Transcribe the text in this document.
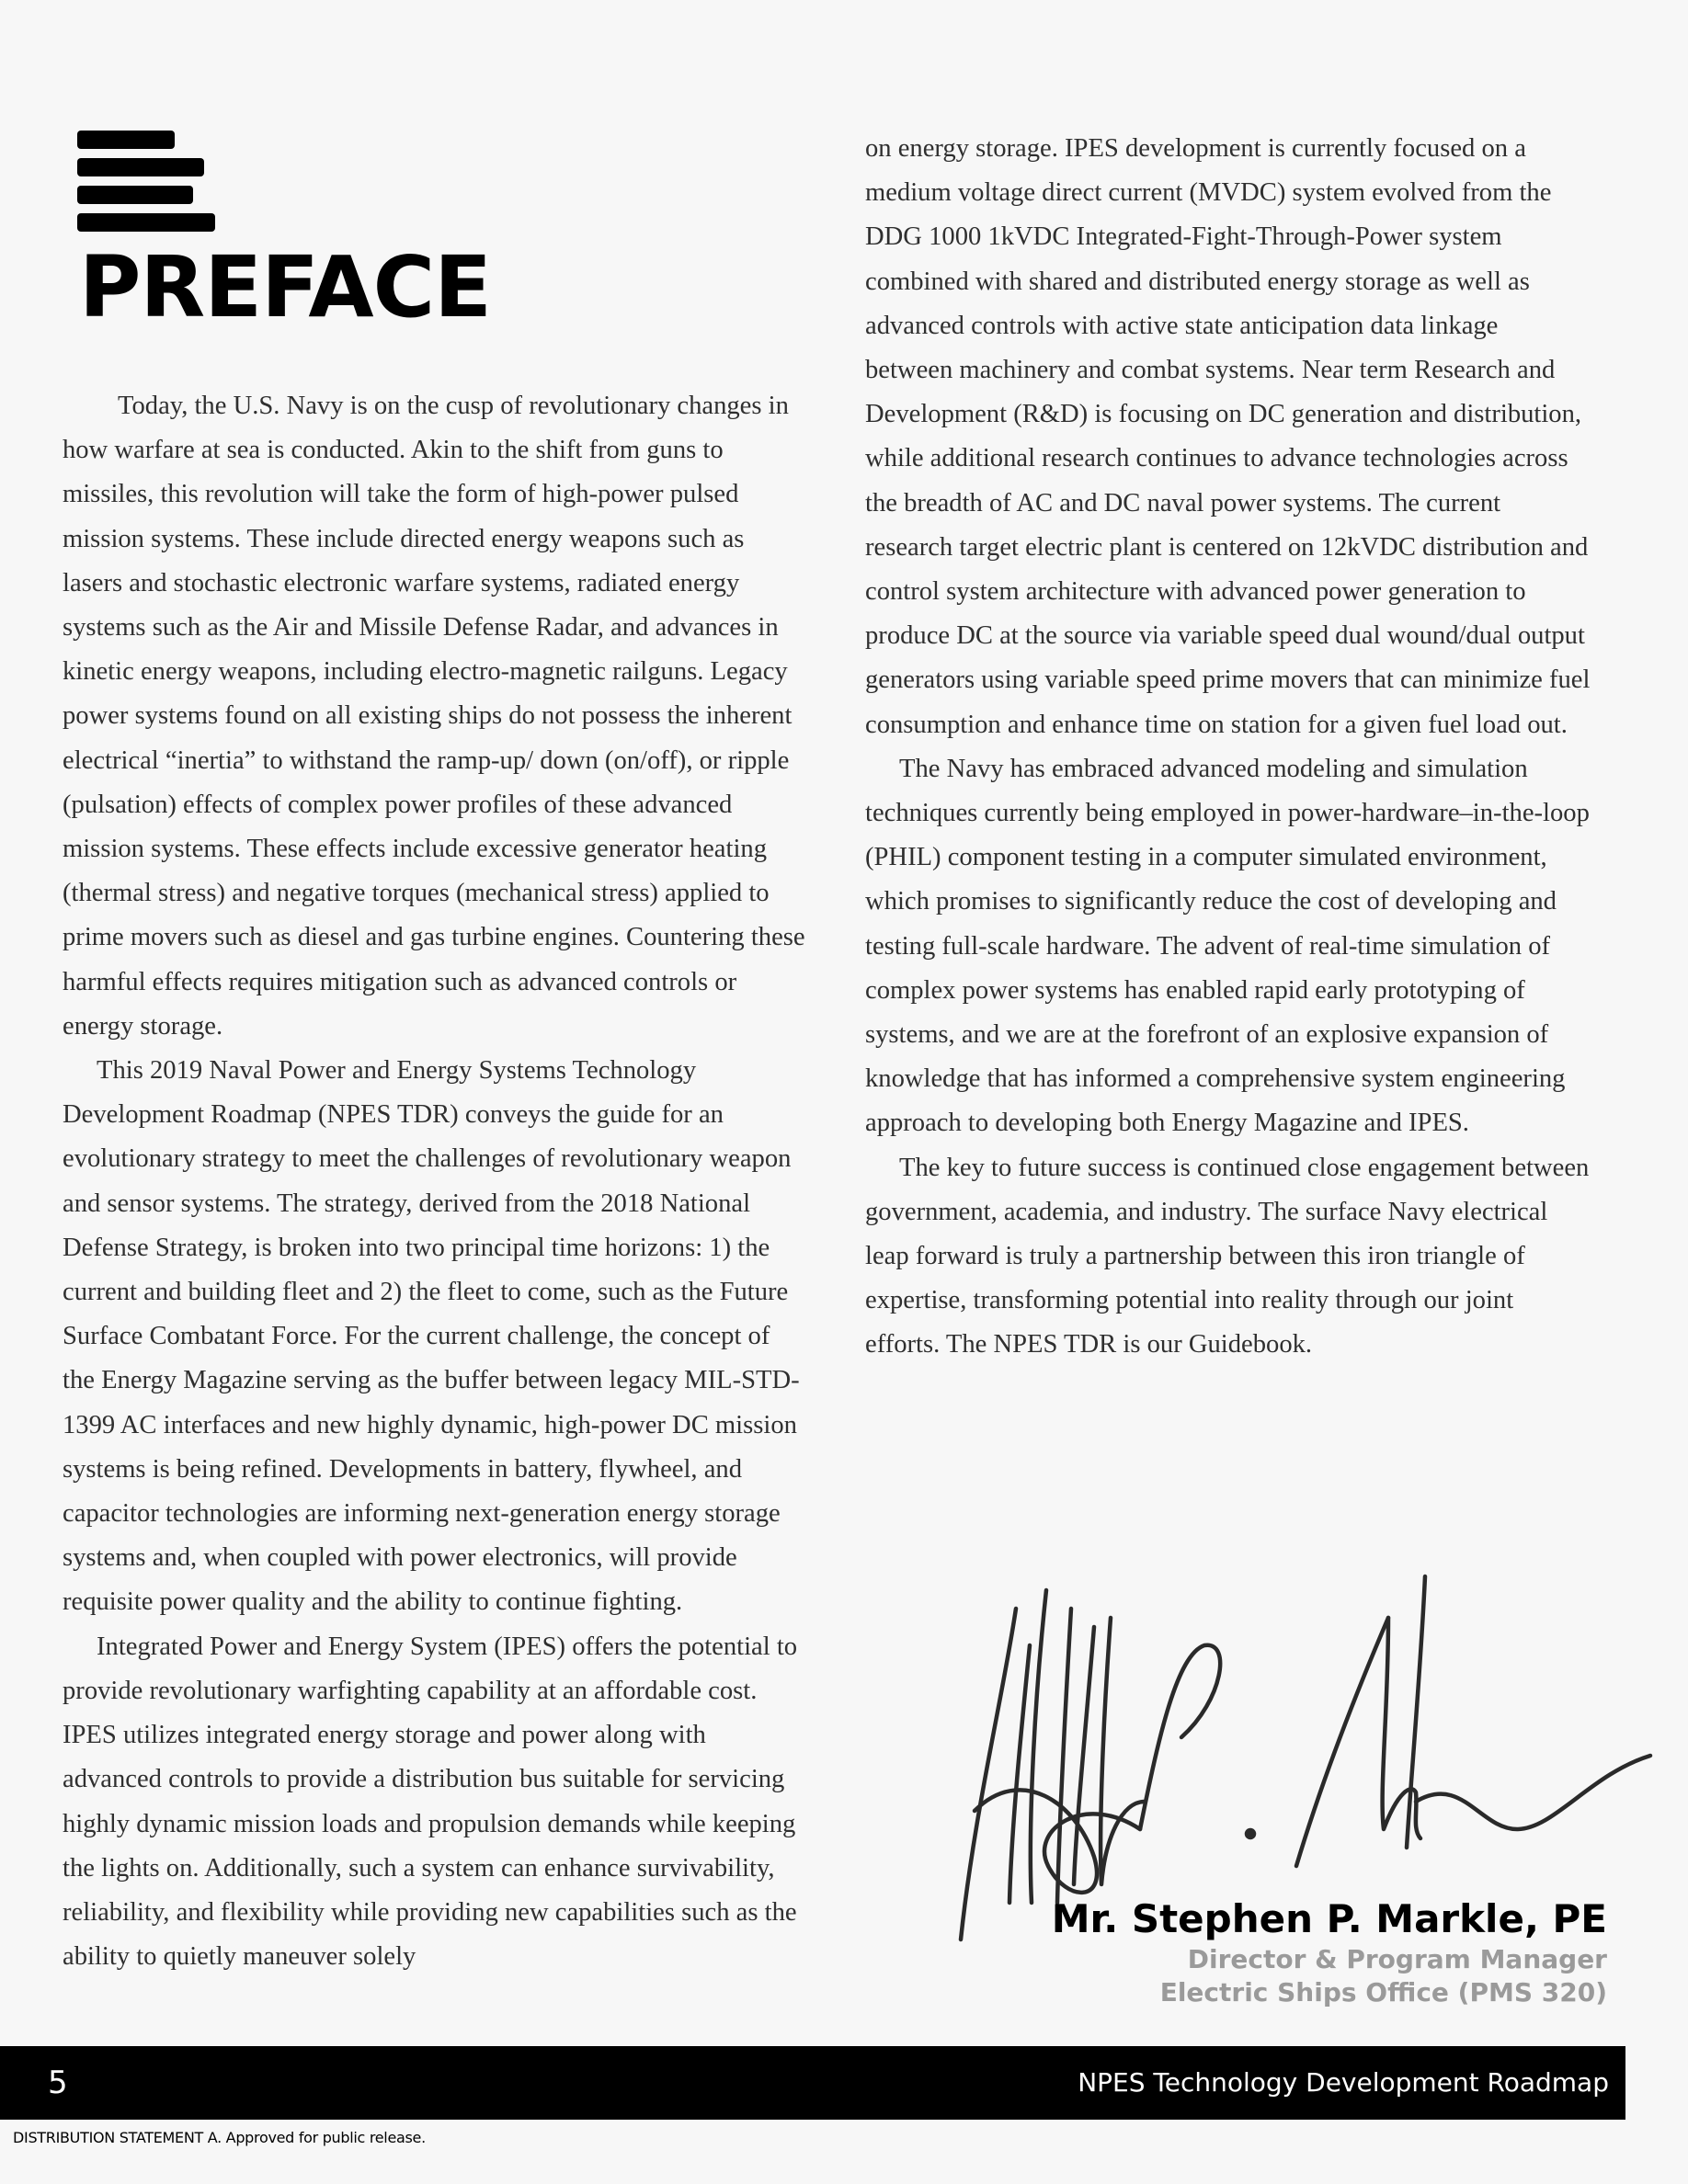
PREFACE

Today, the U.S. Navy is on the cusp of revolutionary changes in how warfare at sea is conducted. Akin to the shift from guns to missiles, this revolution will take the form of high-power pulsed mission systems. These include directed energy weapons such as lasers and stochastic electronic warfare systems, radiated energy systems such as the Air and Missile Defense Radar, and advances in kinetic energy weapons, including electro-magnetic railguns. Legacy power systems found on all existing ships do not possess the inherent electrical “inertia” to withstand the ramp-up/ down (on/off), or ripple (pulsation) effects of complex power profiles of these advanced mission systems. These effects include excessive generator heating (thermal stress) and negative torques (mechanical stress) applied to prime movers such as diesel and gas turbine engines. Countering these harmful effects requires mitigation such as advanced controls or energy storage.

This 2019 Naval Power and Energy Systems Technology Development Roadmap (NPES TDR) conveys the guide for an evolutionary strategy to meet the challenges of revolutionary weapon and sensor systems. The strategy, derived from the 2018 National Defense Strategy, is broken into two principal time horizons: 1) the current and building fleet and 2) the fleet to come, such as the Future Surface Combatant Force. For the current challenge, the concept of the Energy Magazine serving as the buffer between legacy MIL-STD-1399 AC interfaces and new highly dynamic, high-power DC mission systems is being refined. Developments in battery, flywheel, and capacitor technologies are informing next-generation energy storage systems and, when coupled with power electronics, will provide requisite power quality and the ability to continue fighting.

Integrated Power and Energy System (IPES) offers the potential to provide revolutionary warfighting capability at an affordable cost. IPES utilizes integrated energy storage and power along with advanced controls to provide a distribution bus suitable for servicing highly dynamic mission loads and propulsion demands while keeping the lights on. Additionally, such a system can enhance survivability, reliability, and flexibility while providing new capabilities such as the ability to quietly maneuver solely

on energy storage. IPES development is currently focused on a medium voltage direct current (MVDC) system evolved from the DDG 1000 1kVDC Integrated-Fight-Through-Power system combined with shared and distributed energy storage as well as advanced controls with active state anticipation data linkage between machinery and combat systems. Near term Research and Development (R&D) is focusing on DC generation and distribution, while additional research continues to advance technologies across the breadth of AC and DC naval power systems. The current research target electric plant is centered on 12kVDC distribution and control system architecture with advanced power generation to produce DC at the source via variable speed dual wound/dual output generators using variable speed prime movers that can minimize fuel consumption and enhance time on station for a given fuel load out.

The Navy has embraced advanced modeling and simulation techniques currently being employed in power-hardware–in-the-loop (PHIL) component testing in a computer simulated environment, which promises to significantly reduce the cost of developing and testing full-scale hardware. The advent of real-time simulation of complex power systems has enabled rapid early prototyping of systems, and we are at the forefront of an explosive expansion of knowledge that has informed a comprehensive system engineering approach to developing both Energy Magazine and IPES.

The key to future success is continued close engagement between government, academia, and industry. The surface Navy electrical leap forward is truly a partnership between this iron triangle of expertise, transforming potential into reality through our joint efforts. The NPES TDR is our Guidebook.

Mr. Stephen P. Markle, PE
Director & Program Manager
Electric Ships Office (PMS 320)
5	NPES Technology Development Roadmap
DISTRIBUTION STATEMENT A. Approved for public release.
